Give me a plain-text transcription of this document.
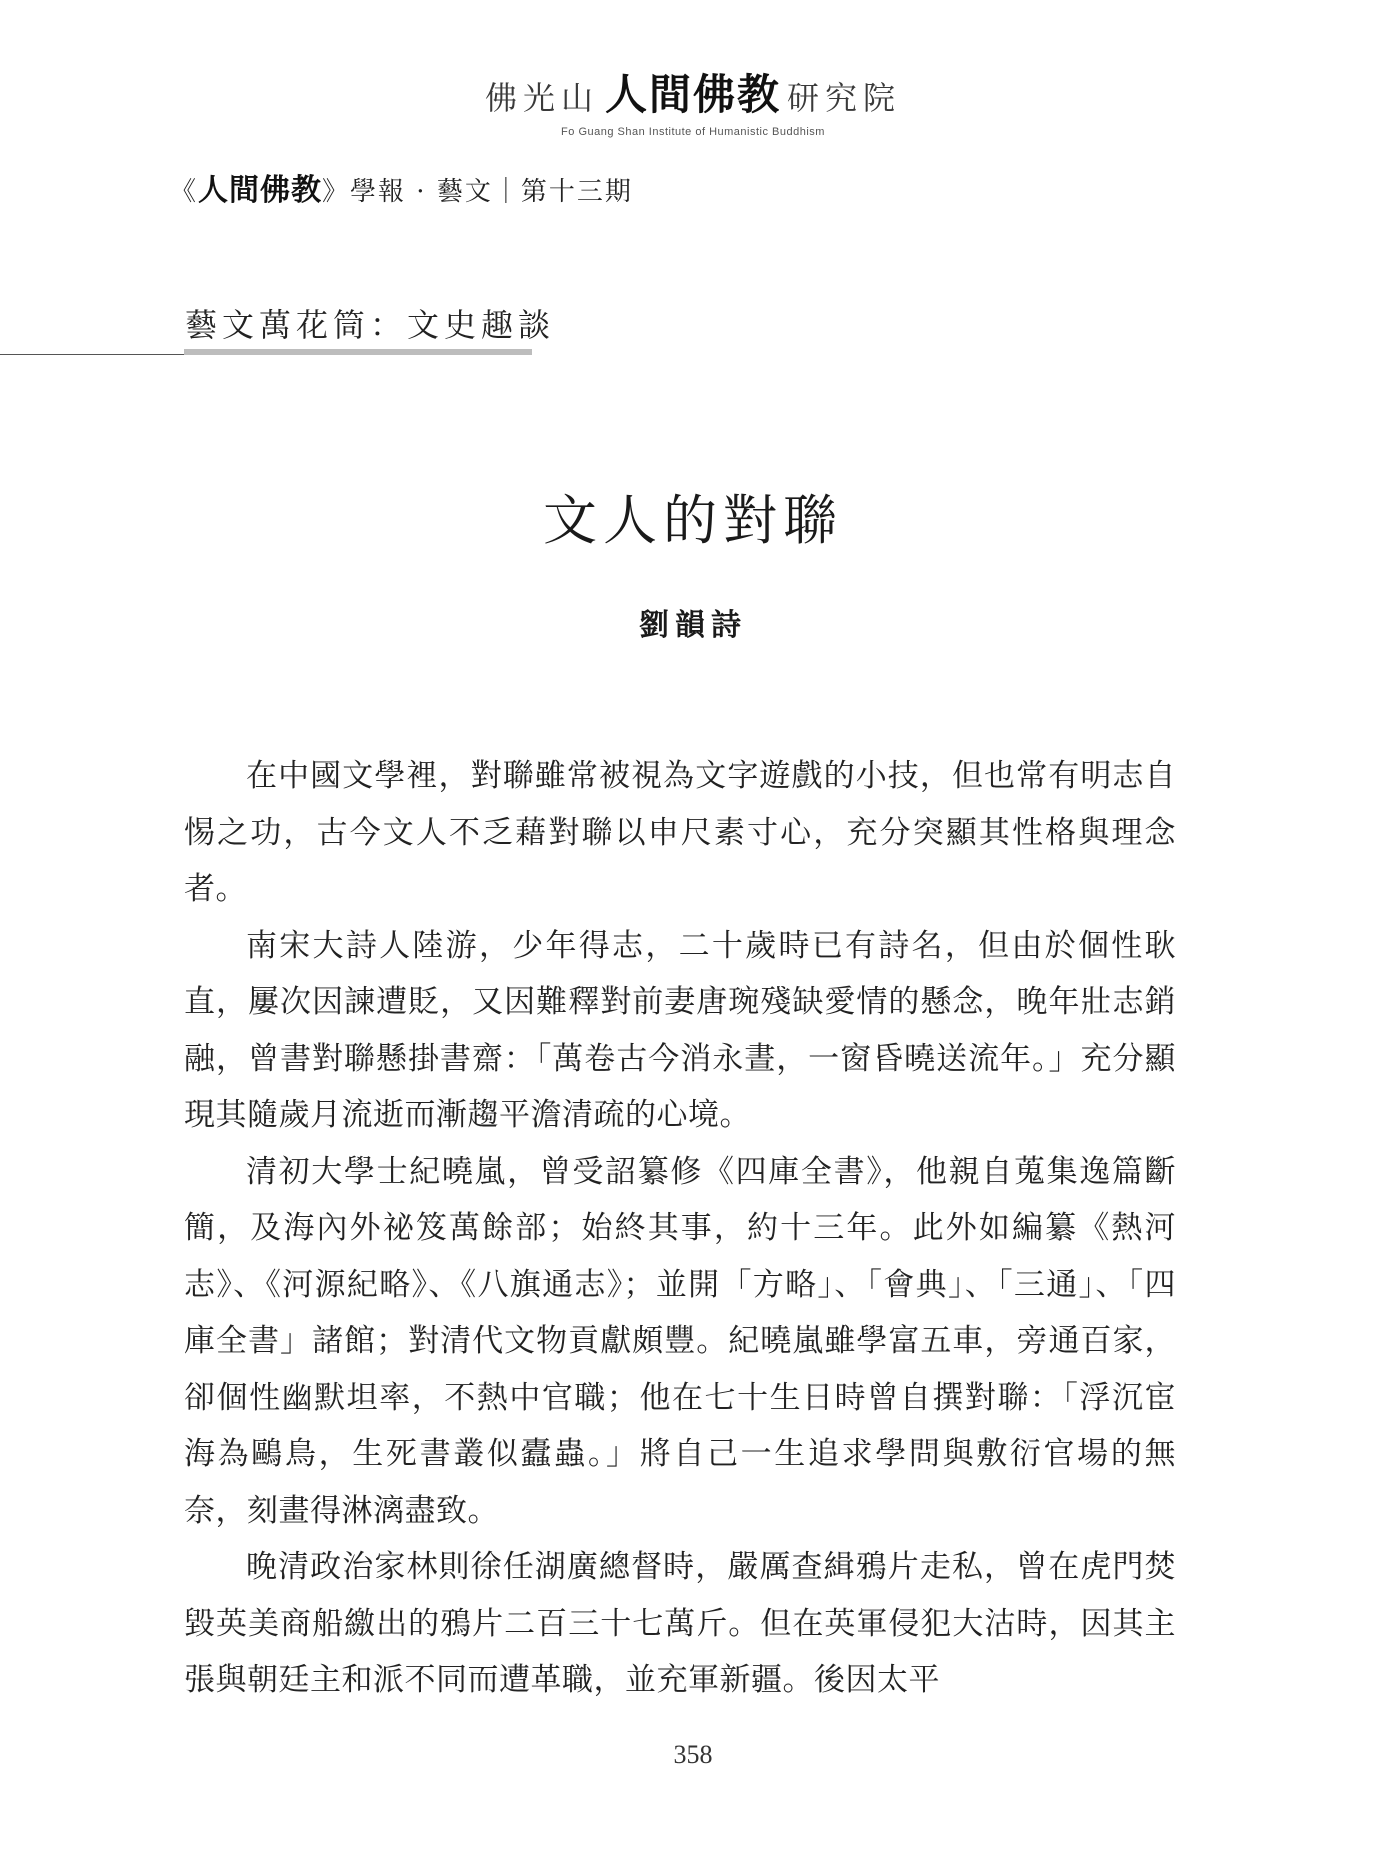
佛光山 人間佛教 研究院
Fo Guang Shan Institute of Humanistic Buddhism
《人間佛教》學報 · 藝文｜第十三期
藝文萬花筒：文史趣談
文人的對聯
劉韻詩

在中國文學裡，對聯雖常被視為文字遊戲的小技，但也常有明志自惕之功，古今文人不乏藉對聯以申尺素寸心，充分突顯其性格與理念者。

南宋大詩人陸游，少年得志，二十歲時已有詩名，但由於個性耿直，屢次因諫遭貶，又因難釋對前妻唐琬殘缺愛情的懸念，晚年壯志銷融，曾書對聯懸掛書齋：「萬卷古今消永晝，一窗昏曉送流年。」充分顯現其隨歲月流逝而漸趨平澹清疏的心境。

清初大學士紀曉嵐，曾受詔纂修《四庫全書》，他親自蒐集逸篇斷簡，及海內外祕笈萬餘部；始終其事，約十三年。此外如編纂《熱河志》、《河源紀略》、《八旗通志》；並開「方略」、「會典」、「三通」、「四庫全書」諸館；對清代文物貢獻頗豐。紀曉嵐雖學富五車，旁通百家，卻個性幽默坦率，不熱中官職；他在七十生日時曾自撰對聯：「浮沉宦海為鷗鳥，生死書叢似蠹蟲。」將自己一生追求學問與敷衍官場的無奈，刻畫得淋漓盡致。

晚清政治家林則徐任湖廣總督時，嚴厲查緝鴉片走私，曾在虎門焚毀英美商船繳出的鴉片二百三十七萬斤。但在英軍侵犯大沽時，因其主張與朝廷主和派不同而遭革職，並充軍新疆。後因太平

358
